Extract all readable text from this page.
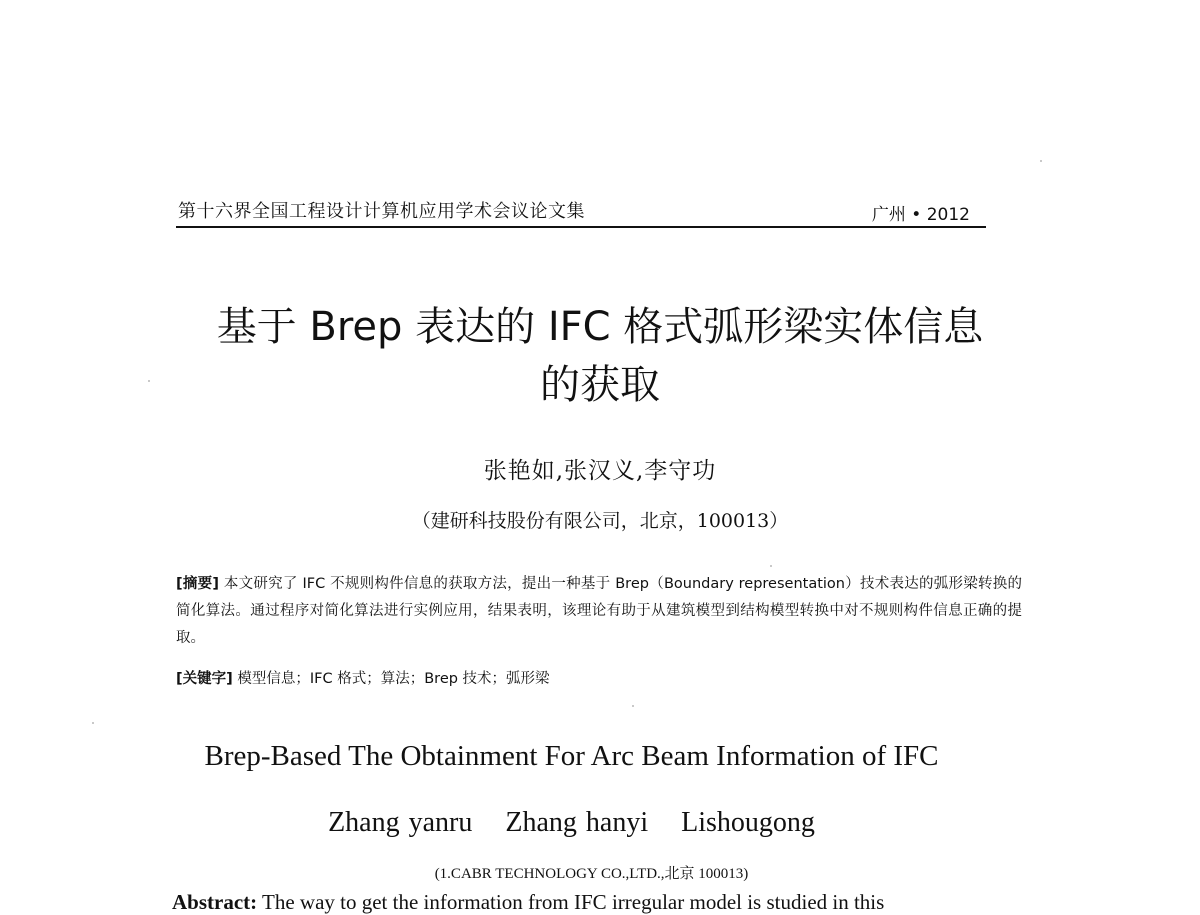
第十六界全国工程设计计算机应用学术会议论文集	广州 • 2012
基于 Brep 表达的 IFC 格式弧形梁实体信息
的获取
张艳如,张汉义,李守功
（建研科技股份有限公司，北京，100013）
[摘要] 本文研究了 IFC 不规则构件信息的获取方法，提出一种基于 Brep（Boundary representation）技术表达的弧形梁转换的简化算法。通过程序对简化算法进行实例应用，结果表明，该理论有助于从建筑模型到结构模型转换中对不规则构件信息正确的提取。
[关键字] 模型信息；IFC 格式；算法；Brep 技术；弧形梁
Brep-Based The Obtainment For Arc Beam Information of IFC
Zhang yanru Zhang hanyi Lishougong
(1.CABR TECHNOLOGY CO.,LTD.,北京 100013)
Abstract: The way to get the information from IFC irregular model is studied in this
